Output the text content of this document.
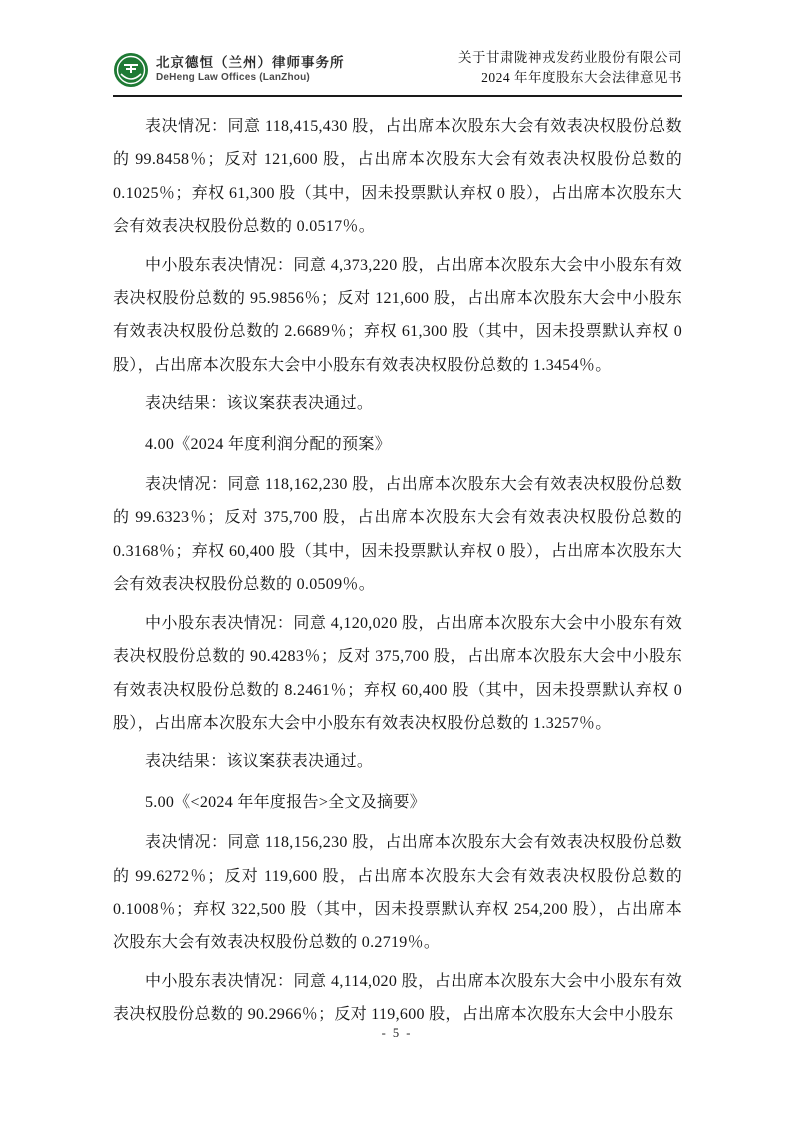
北京德恒（兰州）律师事务所
DeHeng Law Offices (LanZhou)
关于甘肃陇神戎发药业股份有限公司
2024 年年度股东大会法律意见书

表决情况：同意 118,415,430 股，占出席本次股东大会有效表决权股份总数的 99.8458％；反对 121,600 股，占出席本次股东大会有效表决权股份总数的 0.1025％；弃权 61,300 股（其中，因未投票默认弃权 0 股），占出席本次股东大会有效表决权股份总数的 0.0517％。

中小股东表决情况：同意 4,373,220 股，占出席本次股东大会中小股东有效表决权股份总数的 95.9856％；反对 121,600 股，占出席本次股东大会中小股东有效表决权股份总数的 2.6689％；弃权 61,300 股（其中，因未投票默认弃权 0 股），占出席本次股东大会中小股东有效表决权股份总数的 1.3454％。

表决结果：该议案获表决通过。

4.00《2024 年度利润分配的预案》

表决情况：同意 118,162,230 股，占出席本次股东大会有效表决权股份总数的 99.6323％；反对 375,700 股，占出席本次股东大会有效表决权股份总数的 0.3168％；弃权 60,400 股（其中，因未投票默认弃权 0 股），占出席本次股东大会有效表决权股份总数的 0.0509％。

中小股东表决情况：同意 4,120,020 股，占出席本次股东大会中小股东有效表决权股份总数的 90.4283％；反对 375,700 股，占出席本次股东大会中小股东有效表决权股份总数的 8.2461％；弃权 60,400 股（其中，因未投票默认弃权 0 股），占出席本次股东大会中小股东有效表决权股份总数的 1.3257％。

表决结果：该议案获表决通过。

5.00《<2024 年年度报告>全文及摘要》

表决情况：同意 118,156,230 股，占出席本次股东大会有效表决权股份总数的 99.6272％；反对 119,600 股，占出席本次股东大会有效表决权股份总数的 0.1008％；弃权 322,500 股（其中，因未投票默认弃权 254,200 股），占出席本次股东大会有效表决权股份总数的 0.2719％。

中小股东表决情况：同意 4,114,020 股，占出席本次股东大会中小股东有效表决权股份总数的 90.2966％；反对 119,600 股，占出席本次股东大会中小股东

- 5 -
